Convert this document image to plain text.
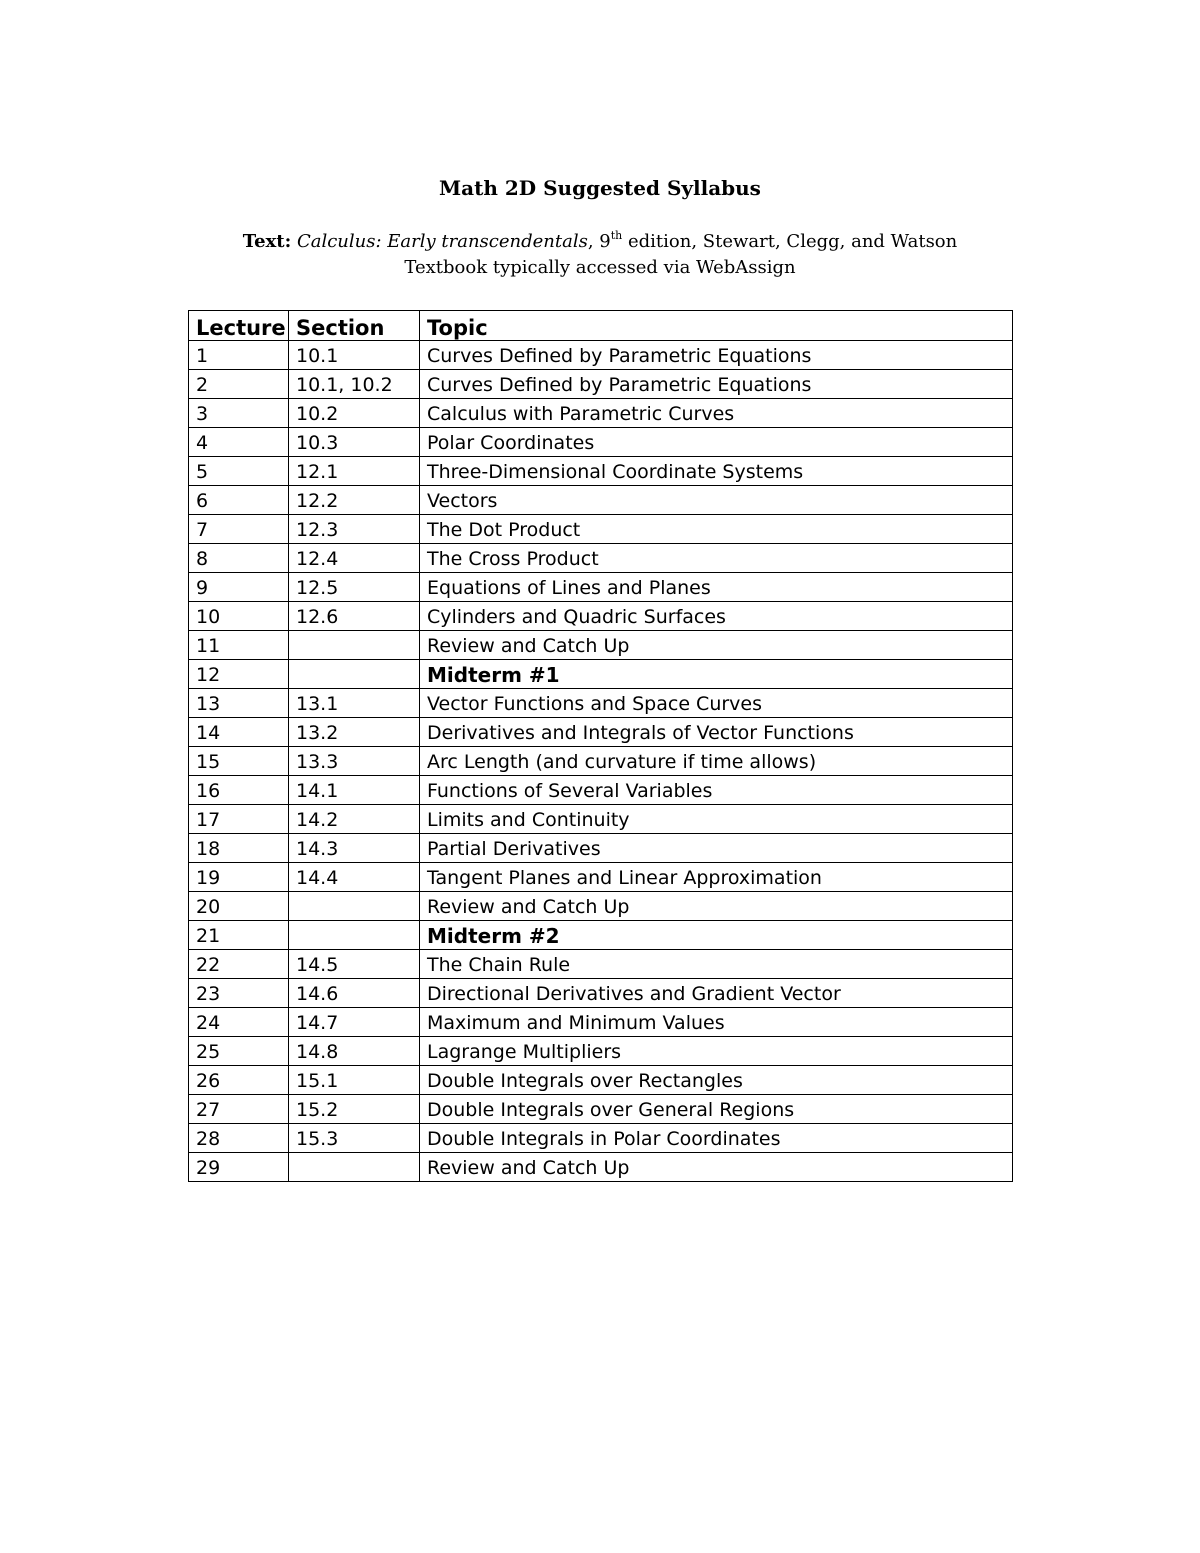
Math 2D Suggested Syllabus
Text: Calculus: Early transcendentals, 9th edition, Stewart, Clegg, and Watson
Textbook typically accessed via WebAssign
Lecture	Section	Topic
1	10.1	Curves Defined by Parametric Equations
2	10.1, 10.2	Curves Defined by Parametric Equations
3	10.2	Calculus with Parametric Curves
4	10.3	Polar Coordinates
5	12.1	Three-Dimensional Coordinate Systems
6	12.2	Vectors
7	12.3	The Dot Product
8	12.4	The Cross Product
9	12.5	Equations of Lines and Planes
10	12.6	Cylinders and Quadric Surfaces
11		Review and Catch Up
12		Midterm #1
13	13.1	Vector Functions and Space Curves
14	13.2	Derivatives and Integrals of Vector Functions
15	13.3	Arc Length (and curvature if time allows)
16	14.1	Functions of Several Variables
17	14.2	Limits and Continuity
18	14.3	Partial Derivatives
19	14.4	Tangent Planes and Linear Approximation
20		Review and Catch Up
21		Midterm #2
22	14.5	The Chain Rule
23	14.6	Directional Derivatives and Gradient Vector
24	14.7	Maximum and Minimum Values
25	14.8	Lagrange Multipliers
26	15.1	Double Integrals over Rectangles
27	15.2	Double Integrals over General Regions
28	15.3	Double Integrals in Polar Coordinates
29		Review and Catch Up
